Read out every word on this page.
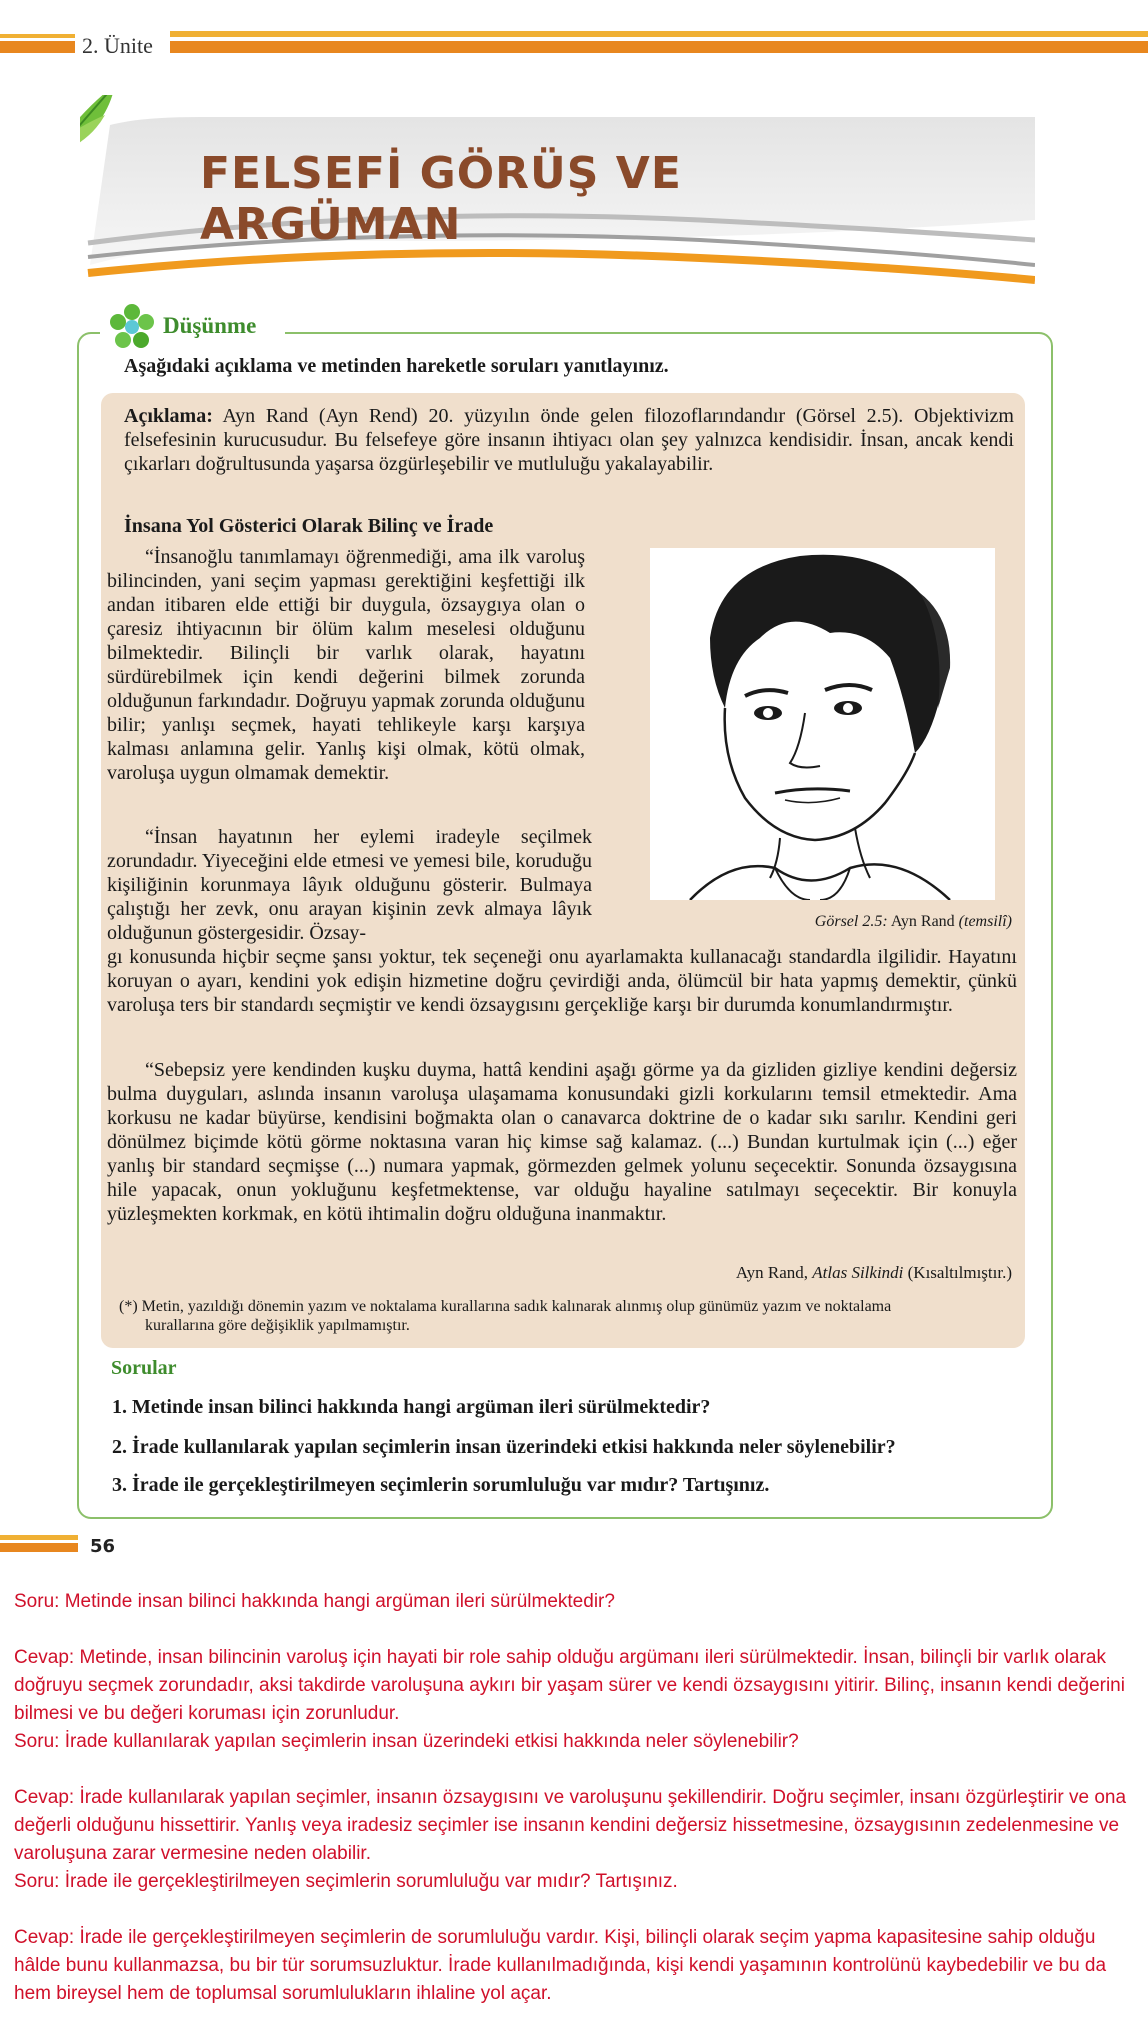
2. Ünite
FELSEFİ GÖRÜŞ VE ARGÜMAN
Düşünme
Aşağıdaki açıklama ve metinden hareketle soruları yanıtlayınız.
Açıklama: Ayn Rand (Ayn Rend) 20. yüzyılın önde gelen filozoflarındandır (Görsel 2.5). Objektivizm felsefesinin kurucusudur. Bu felsefeye göre insanın ihtiyacı olan şey yalnızca kendisidir. İnsan, ancak kendi çıkarları doğrultusunda yaşarsa özgürleşebilir ve mutluluğu yakalayabilir.
İnsana Yol Gösterici Olarak Bilinç ve İrade
“İnsanoğlu tanımlamayı öğrenmediği, ama ilk varoluş bilincinden, yani seçim yapması gerektiğini keşfettiği ilk andan itibaren elde ettiği bir duygula, özsaygıya olan o çaresiz ihtiyacının bir ölüm kalım meselesi olduğunu bilmektedir. Bilinçli bir varlık olarak, hayatını sürdürebilmek için kendi değerini bilmek zorunda olduğunun farkındadır. Doğruyu yapmak zorunda olduğunu bilir; yanlışı seçmek, hayati tehlikeyle karşı karşıya kalması anlamına gelir. Yanlış kişi olmak, kötü olmak, varoluşa uygun olmamak demektir.
“İnsan hayatının her eylemi iradeyle seçilmek zorundadır. Yiyeceğini elde etmesi ve yemesi bile, koruduğu kişiliğinin korunmaya lâyık olduğunu gösterir. Bulmaya çalıştığı her zevk, onu arayan kişinin zevk almaya lâyık olduğunun göstergesidir. Özsay-
gı konusunda hiçbir seçme şansı yoktur, tek seçeneği onu ayarlamakta kullanacağı standardla ilgilidir. Hayatını koruyan o ayarı, kendini yok edişin hizmetine doğru çevirdiği anda, ölümcül bir hata yapmış demektir, çünkü varoluşa ters bir standardı seçmiştir ve kendi özsaygısını gerçekliğe karşı bir durumda konumlandırmıştır.
“Sebepsiz yere kendinden kuşku duyma, hattâ kendini aşağı görme ya da gizliden gizliye kendini değersiz bulma duyguları, aslında insanın varoluşa ulaşamama konusundaki gizli korkularını temsil etmektedir. Ama korkusu ne kadar büyürse, kendisini boğmakta olan o canavarca doktrine de o kadar sıkı sarılır. Kendini geri dönülmez biçimde kötü görme noktasına varan hiç kimse sağ kalamaz. (...) Bundan kurtulmak için (...) eğer yanlış bir standard seçmişse (...) numara yapmak, görmezden gelmek yolunu seçecektir. Sonunda özsaygısına hile yapacak, onun yokluğunu keşfetmektense, var olduğu hayaline satılmayı seçecektir. Bir konuyla yüzleşmekten korkmak, en kötü ihtimalin doğru olduğuna inanmaktır.
Görsel 2.5: Ayn Rand (temsilî)
Ayn Rand, Atlas Silkindi (Kısaltılmıştır.)
(*) Metin, yazıldığı dönemin yazım ve noktalama kurallarına sadık kalınarak alınmış olup günümüz yazım ve noktalama
kurallarına göre değişiklik yapılmamıştır.
Sorular
1. Metinde insan bilinci hakkında hangi argüman ileri sürülmektedir?
2. İrade kullanılarak yapılan seçimlerin insan üzerindeki etkisi hakkında neler söylenebilir?
3. İrade ile gerçekleştirilmeyen seçimlerin sorumluluğu var mıdır? Tartışınız.
56

Soru: Metinde insan bilinci hakkında hangi argüman ileri sürülmektedir?

Cevap: Metinde, insan bilincinin varoluş için hayati bir role sahip olduğu argümanı ileri sürülmektedir. İnsan, bilinçli bir varlık olarak doğruyu seçmek zorundadır, aksi takdirde varoluşuna aykırı bir yaşam sürer ve kendi özsaygısını yitirir. Bilinç, insanın kendi değerini bilmesi ve bu değeri koruması için zorunludur.

Soru: İrade kullanılarak yapılan seçimlerin insan üzerindeki etkisi hakkında neler söylenebilir?

Cevap: İrade kullanılarak yapılan seçimler, insanın özsaygısını ve varoluşunu şekillendirir. Doğru seçimler, insanı özgürleştirir ve ona değerli olduğunu hissettirir. Yanlış veya iradesiz seçimler ise insanın kendini değersiz hissetmesine, özsaygısının zedelenmesine ve varoluşuna zarar vermesine neden olabilir.

Soru: İrade ile gerçekleştirilmeyen seçimlerin sorumluluğu var mıdır? Tartışınız.

Cevap: İrade ile gerçekleştirilmeyen seçimlerin de sorumluluğu vardır. Kişi, bilinçli olarak seçim yapma kapasitesine sahip olduğu hâlde bunu kullanmazsa, bu bir tür sorumsuzluktur. İrade kullanılmadığında, kişi kendi yaşamının kontrolünü kaybedebilir ve bu da hem bireysel hem de toplumsal sorumlulukların ihlaline yol açar.
